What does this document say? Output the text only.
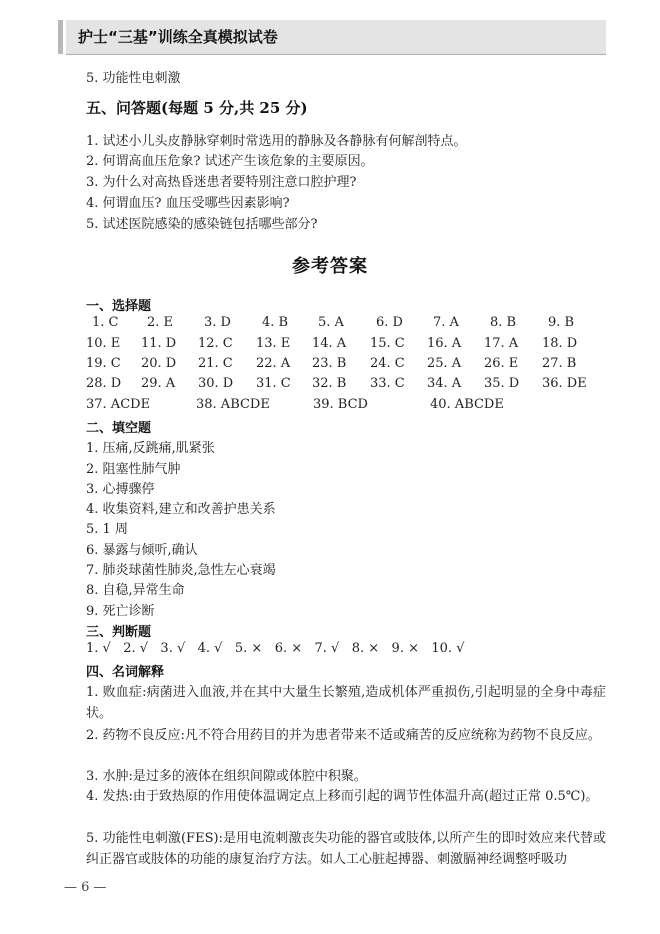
护士“三基”训练全真模拟试卷
5. 功能性电刺激
五、问答题(每题 5 分,共 25 分)
1. 试述小儿头皮静脉穿刺时常选用的静脉及各静脉有何解剖特点。
2. 何谓高血压危象? 试述产生该危象的主要原因。
3. 为什么对高热昏迷患者要特别注意口腔护理?
4. 何谓血压? 血压受哪些因素影响?
5. 试述医院感染的感染链包括哪些部分?
参考答案
一、选择题
1. C 2. E 3. D 4. B 5. A 6. D 7. A 8. B 9. B
10. E 11. D 12. C 13. E 14. A 15. C 16. A 17. A 18. D
19. C 20. D 21. C 22. A 23. B 24. C 25. A 26. E 27. B
28. D 29. A 30. D 31. C 32. B 33. C 34. A 35. D 36. DE
37. ACDE	38. ABCDE	39. BCD	40. ABCDE
二、填空题
1. 压痛,反跳痛,肌紧张
2. 阻塞性肺气肿
3. 心搏骤停
4. 收集资料,建立和改善护患关系
5. 1 周
6. 暴露与倾听,确认
7. 肺炎球菌性肺炎,急性左心衰竭
8. 自稳,异常生命
9. 死亡诊断
三、判断题
1. √   2. √   3. √   4. √   5. ×   6. ×   7. √   8. ×   9. ×   10. √
四、名词解释
1. 败血症:病菌进入血液,并在其中大量生长繁殖,造成机体严重损伤,引起明显的全身中毒症状。
2. 药物不良反应:凡不符合用药目的并为患者带来不适或痛苦的反应统称为药物不良反应。
3. 水肿:是过多的液体在组织间隙或体腔中积聚。
4. 发热:由于致热原的作用使体温调定点上移而引起的调节性体温升高(超过正常 0.5℃)。
5. 功能性电刺激(FES):是用电流刺激丧失功能的器官或肢体,以所产生的即时效应来代替或纠正器官或肢体的功能的康复治疗方法。如人工心脏起搏器、刺激膈神经调整呼吸功
— 6 —
